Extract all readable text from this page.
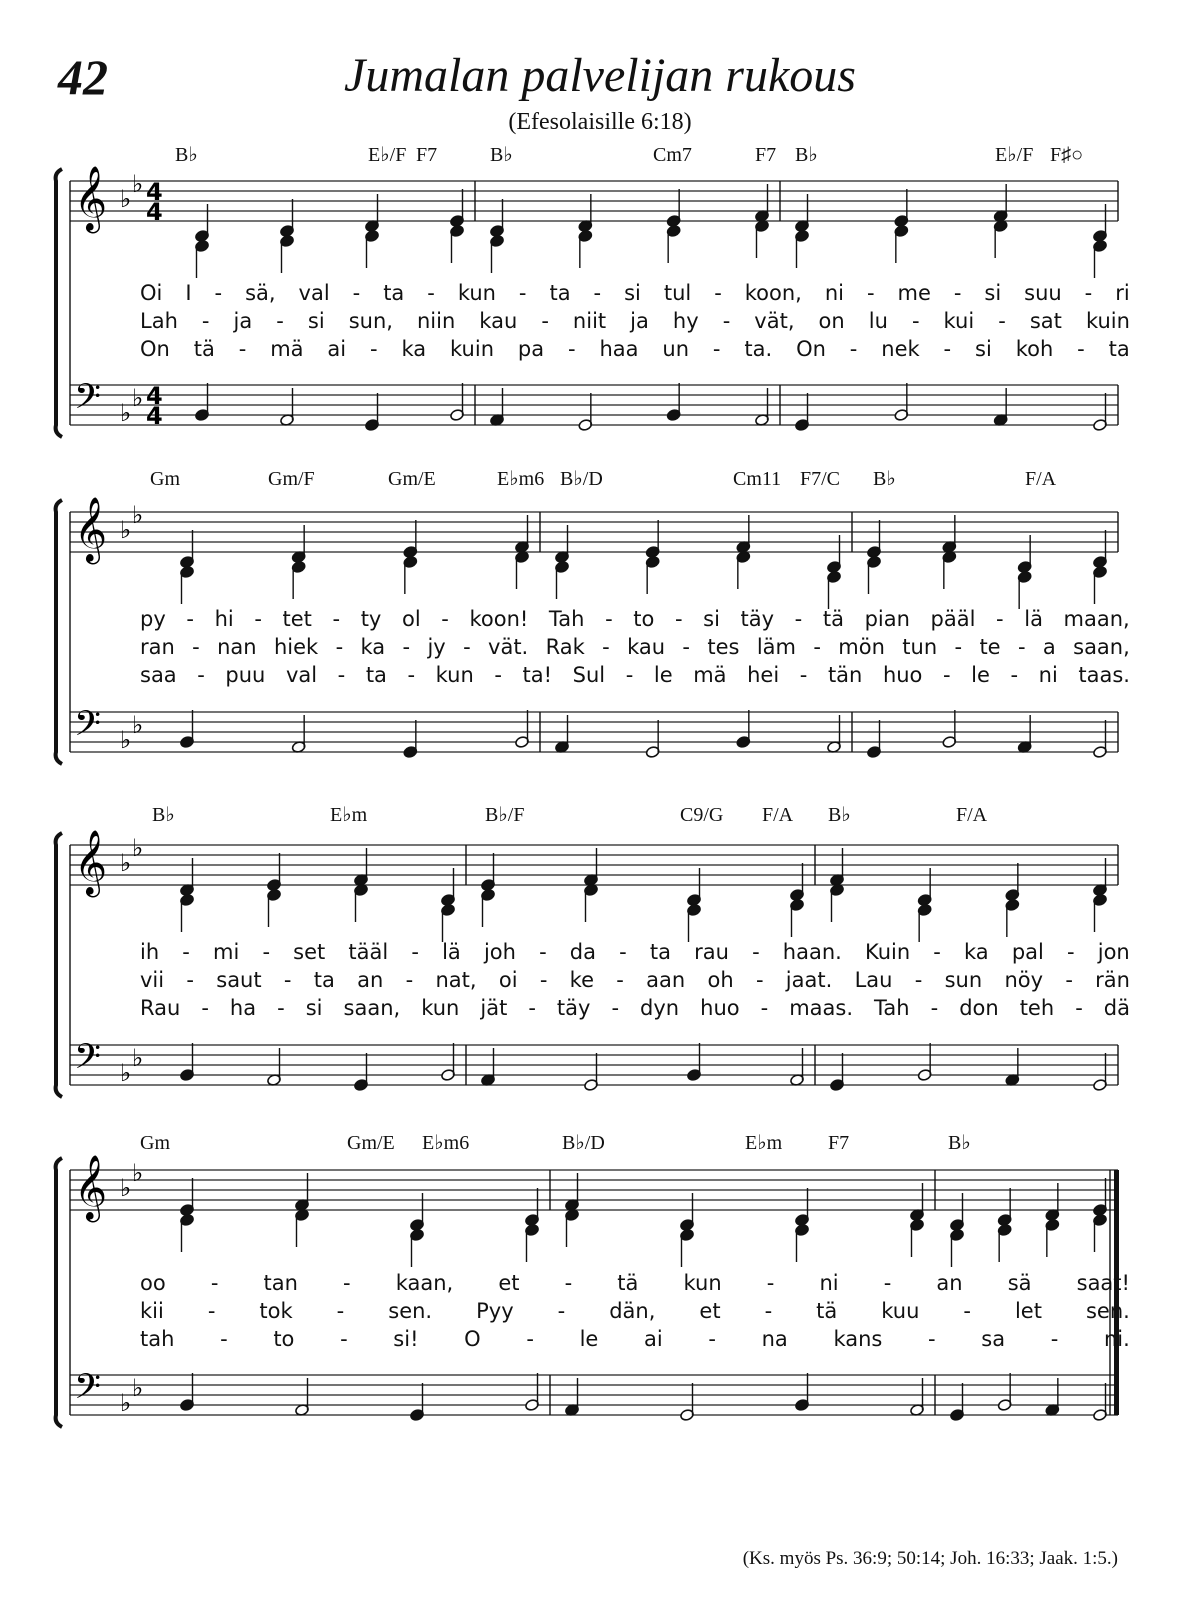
42	Jumalan palvelijan rukous
(Efesolaisille 6:18)
𝄞
𝄢
♭
♭
♭
♭
4
4
4
4
𝄞
𝄢
♭
♭
♭
♭
𝄞
𝄢
♭
♭
♭
♭
𝄞
𝄢
♭
♭
♭
♭
B♭	E♭/F F7	B♭	Cm7	F7 B♭	E♭/F F♯○
Oi I - sä, val - ta - kun - ta - si tul - koon, ni - me - si suu - ri
Lah - ja - si sun, niin kau - niit ja hy - vät, on lu - kui - sat kuin
On tä - mä ai - ka kuin pa - haa un - ta. On - nek - si koh - ta
Gm	Gm/F	Gm/E	E♭m6 B♭/D	Cm11 F7/C B♭	F/A
py - hi - tet - ty ol - koon! Tah - to - si täy - tä pian pääl - lä maan,
ran - nan hiek - ka - jy - vät. Rak - kau - tes läm - mön tun - te - a saan,
saa - puu val - ta - kun - ta! Sul - le mä hei - tän huo - le - ni taas.
B♭	E♭m	B♭/F	C9/G F/A B♭	F/A
ih - mi - set tääl - lä joh - da - ta rau - haan. Kuin - ka pal - jon
vii - saut - ta an - nat, oi - ke - aan oh - jaat. Lau - sun nöy - rän
Rau - ha - si saan, kun jät - täy - dyn huo - maas. Tah - don teh - dä
Gm	Gm/E E♭m6	B♭/D	E♭m F7	B♭
oo - tan - kaan, et - tä kun - ni - an sä saat!
kii - tok - sen. Pyy - dän, et - tä kuu - let sen.
tah - to - si! O - le ai - na kans - sa - ni.
(Ks. myös Ps. 36:9; 50:14; Joh. 16:33; Jaak. 1:5.)
